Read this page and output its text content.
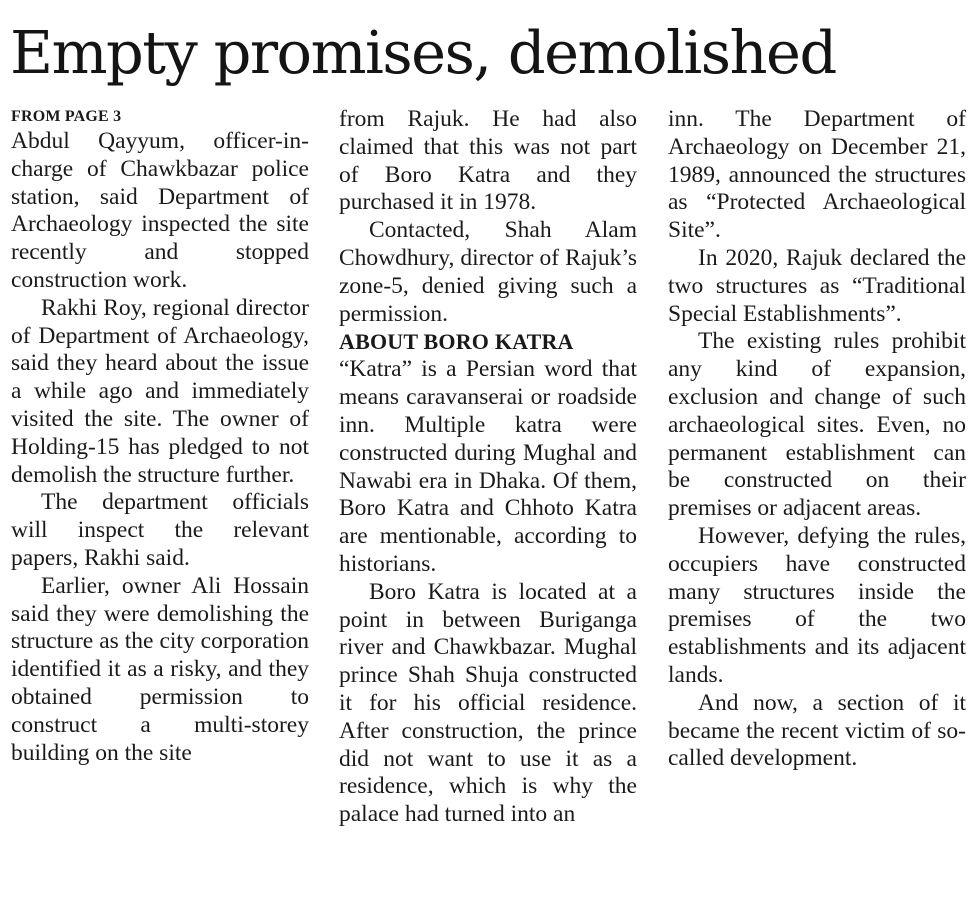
Empty promises, demolished

FROM PAGE 3

Abdul Qayyum, officer-in-charge of Chawkbazar police station, said Department of Archaeology inspected the site recently and stopped construction work.

Rakhi Roy, regional director of Department of Archaeology, said they heard about the issue a while ago and immediately visited the site. The owner of Holding-15 has pledged to not demolish the structure further.

The department officials will inspect the relevant papers, Rakhi said.

Earlier, owner Ali Hossain said they were demolishing the structure as the city corporation identified it as a risky, and they obtained permission to construct a multi-storey building on the site

from Rajuk. He had also claimed that this was not part of Boro Katra and they purchased it in 1978.

Contacted, Shah Alam Chowdhury, director of Rajuk’s zone-5, denied giving such a permission.

ABOUT BORO KATRA

“Katra” is a Persian word that means caravanserai or roadside inn. Multiple katra were constructed during Mughal and Nawabi era in Dhaka. Of them, Boro Katra and Chhoto Katra are mentionable, according to historians.

Boro Katra is located at a point in between Buriganga river and Chawkbazar. Mughal prince Shah Shuja constructed it for his official residence. After construction, the prince did not want to use it as a residence, which is why the palace had turned into an

inn. The Department of Archaeology on December 21, 1989, announced the structures as “Protected Archaeological Site”.

In 2020, Rajuk declared the two structures as “Traditional Special Establishments”.

The existing rules prohibit any kind of expansion, exclusion and change of such archaeological sites. Even, no permanent establishment can be constructed on their premises or adjacent areas.

However, defying the rules, occupiers have constructed many structures inside the premises of the two establishments and its adjacent lands.

And now, a section of it became the recent victim of so-called development.
